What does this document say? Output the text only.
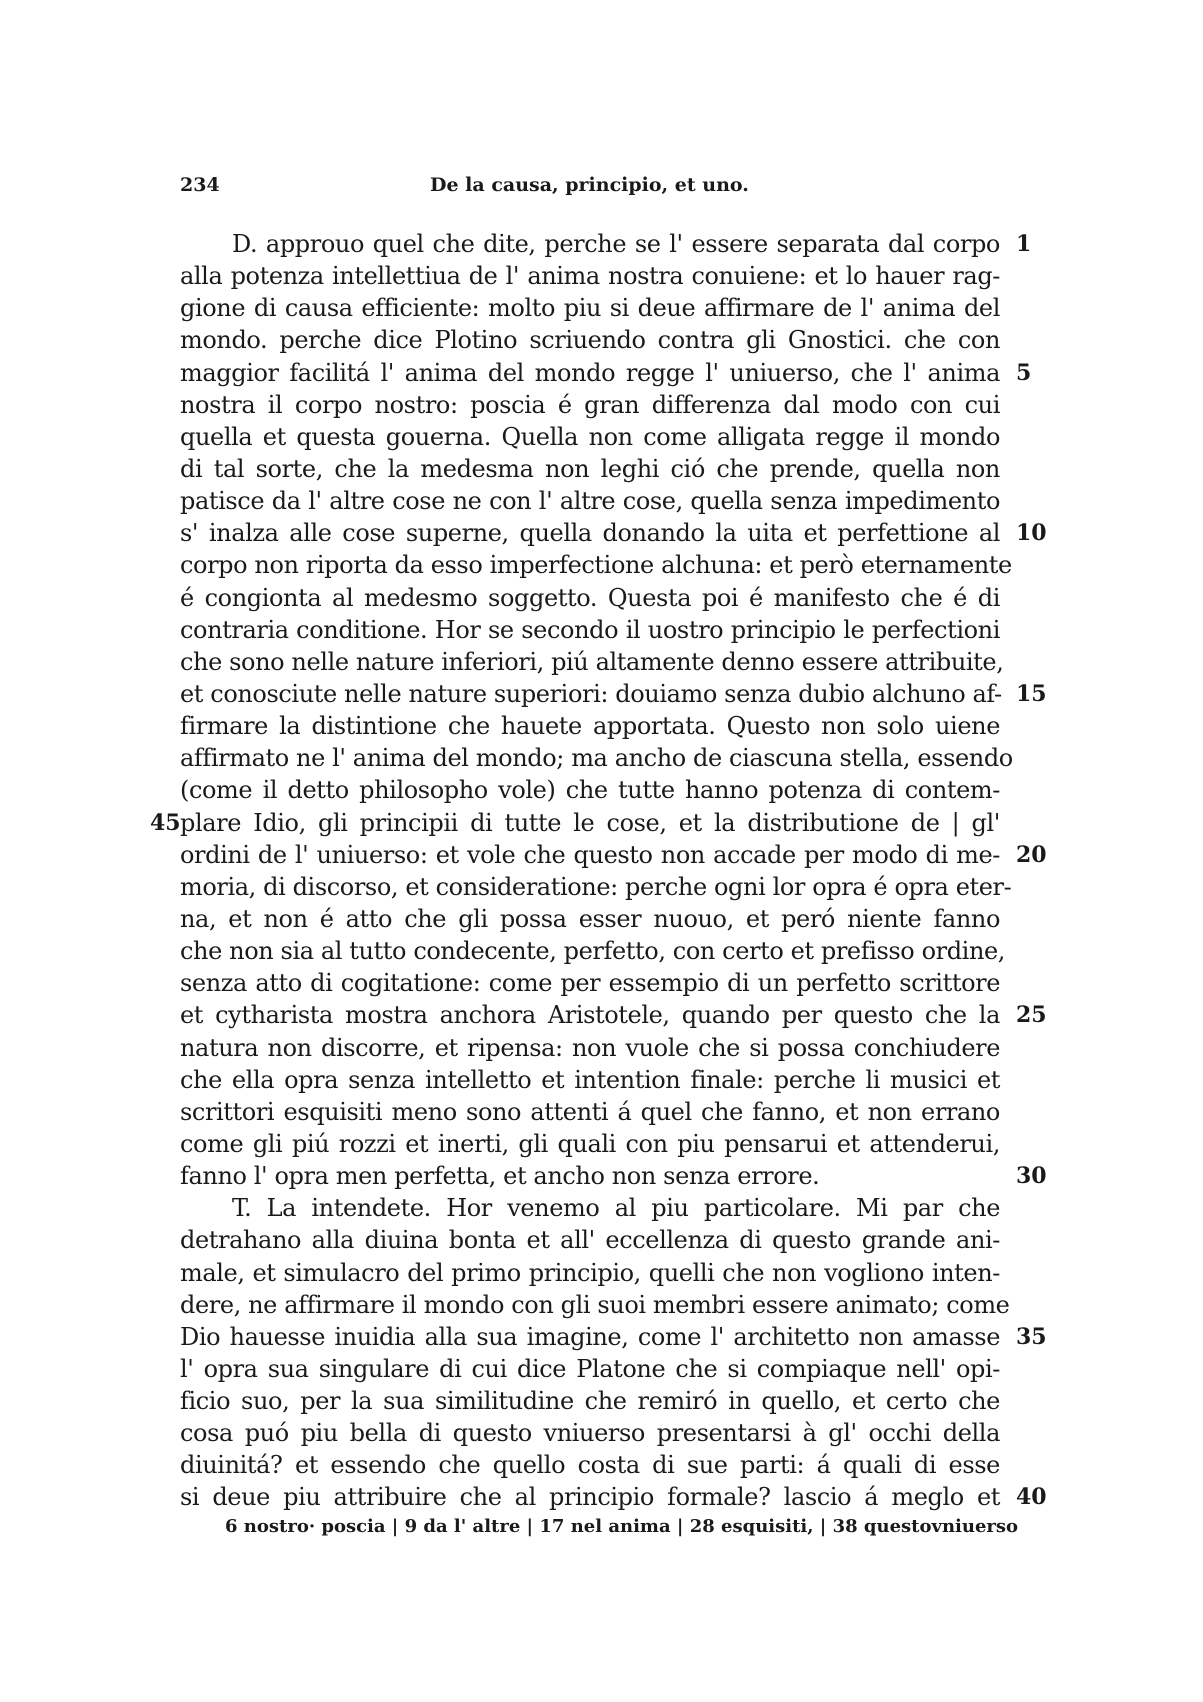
234	De la causa, principio, et uno.
D. approuo quel che dite, perche se l' essere separata dal corpo 1
alla potenza intellettiua de l' anima nostra conuiene: et lo hauer rag-
gione di causa efficiente: molto piu si deue affirmare de l' anima del
mondo. perche dice Plotino scriuendo contra gli Gnostici. che con
maggior facilitá l' anima del mondo regge l' uniuerso, che l' anima 5
nostra il corpo nostro: poscia é gran differenza dal modo con cui
quella et questa gouerna. Quella non come alligata regge il mondo
di tal sorte, che la medesma non leghi ció che prende, quella non
patisce da l' altre cose ne con l' altre cose, quella senza impedimento
s' inalza alle cose superne, quella donando la uita et perfettione al 10
corpo non riporta da esso imperfectione alchuna: et però eternamente
é congionta al medesmo soggetto. Questa poi é manifesto che é di
contraria conditione. Hor se secondo il uostro principio le perfectioni
che sono nelle nature inferiori, piú altamente denno essere attribuite,
et conosciute nelle nature superiori: douiamo senza dubio alchuno af- 15
firmare la distintione che hauete apportata. Questo non solo uiene
affirmato ne l' anima del mondo; ma ancho de ciascuna stella, essendo
(come il detto philosopho vole) che tutte hanno potenza di contem-
plare Idio, gli principii di tutte le cose, et la distributione de | gl'
45
ordini de l' uniuerso: et vole che questo non accade per modo di me- 20
moria, di discorso, et consideratione: perche ogni lor opra é opra eter-
na, et non é atto che gli possa esser nuouo, et peró niente fanno
che non sia al tutto condecente, perfetto, con certo et prefisso ordine,
senza atto di cogitatione: come per essempio di un perfetto scrittore
et cytharista mostra anchora Aristotele, quando per questo che la 25
natura non discorre, et ripensa: non vuole che si possa conchiudere
che ella opra senza intelletto et intention finale: perche li musici et
scrittori esquisiti meno sono attenti á quel che fanno, et non errano
come gli piú rozzi et inerti, gli quali con piu pensarui et attenderui,
fanno l' opra men perfetta, et ancho non senza errore.	30
T. La intendete. Hor venemo al piu particolare. Mi par che
detrahano alla diuina bonta et all' eccellenza di questo grande ani-
male, et simulacro del primo principio, quelli che non vogliono inten-
dere, ne affirmare il mondo con gli suoi membri essere animato; come
Dio hauesse inuidia alla sua imagine, come l' architetto non amasse 35
l' opra sua singulare di cui dice Platone che si compiaque nell' opi-
ficio suo, per la sua similitudine che remiró in quello, et certo che
cosa puó piu bella di questo vniuerso presentarsi à gl' occhi della
diuinitá? et essendo che quello costa di sue parti: á quali di esse
si deue piu attribuire che al principio formale? lascio á meglo et 40
6 nostro· poscia | 9 da l' altre | 17 nel anima | 28 esquisiti, | 38 questovniuerso
